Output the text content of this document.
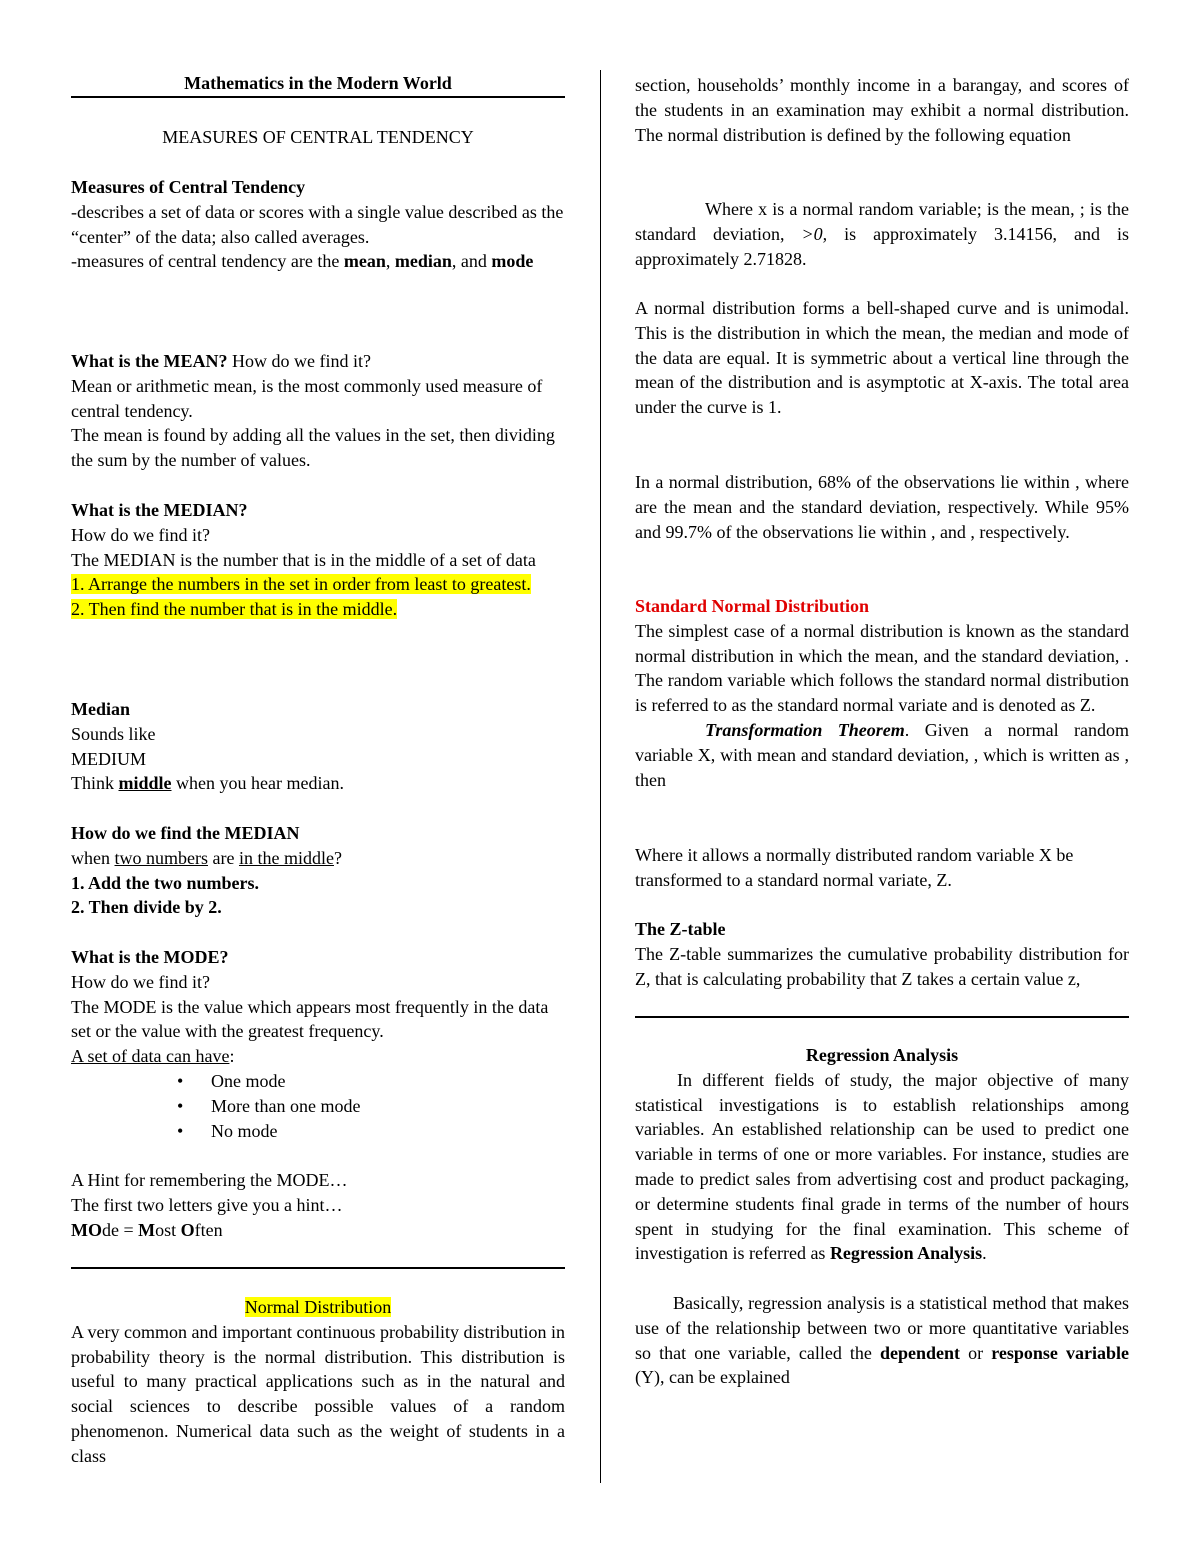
Mathematics in the Modern World
MEASURES OF CENTRAL TENDENCY

Measures of Central Tendency

-describes a set of data or scores with a single value described as the “center” of the data; also called averages.

-measures of central tendency are the mean, median, and mode

What is the MEAN? How do we find it?

Mean or arithmetic mean, is the most commonly used measure of central tendency.

The mean is found by adding all the values in the set, then dividing the sum by the number of values.

What is the MEDIAN?

How do we find it?

The MEDIAN is the number that is in the middle of a set of data

1. Arrange the numbers in the set in order from least to greatest.

2. Then find the number that is in the middle.

Median

Sounds like

MEDIUM

Think middle when you hear median.

How do we find the MEDIAN

when two numbers are in the middle?

1. Add the two numbers.

2. Then divide by 2.

What is the MODE?

How do we find it?

The MODE is the value which appears most frequently in the data set or the value with the greatest frequency.

A set of data can have:

• One mode
• More than one mode
• No mode

A Hint for remembering the MODE…

The first two letters give you a hint…

MOde = Most Often

Normal Distribution

A very common and important continuous probability distribution in probability theory is the normal distribution. This distribution is useful to many practical applications such as in the natural and social sciences to describe possible values of a random phenomenon. Numerical data such as the weight of students in a class

section, households’ monthly income in a barangay, and scores of the students in an examination may exhibit a normal distribution. The normal distribution is defined by the following equation

Where x is a normal random variable; is the mean, ; is the standard deviation, >0, is approximately 3.14156, and is approximately 2.71828.

A normal distribution forms a bell-shaped curve and is unimodal. This is the distribution in which the mean, the median and mode of the data are equal. It is symmetric about a vertical line through the mean of the distribution and is asymptotic at X-axis. The total area under the curve is 1.

In a normal distribution, 68% of the observations lie within , where are the mean and the standard deviation, respectively. While 95% and 99.7% of the observations lie within , and , respectively.

Standard Normal Distribution

The simplest case of a normal distribution is known as the standard normal distribution in which the mean, and the standard deviation, . The random variable which follows the standard normal distribution is referred to as the standard normal variate and is denoted as Z.

Transformation Theorem. Given a normal random variable X, with mean and standard deviation, , which is written as , then

Where it allows a normally distributed random variable X be transformed to a standard normal variate, Z.

The Z-table

The Z-table summarizes the cumulative probability distribution for Z, that is calculating probability that Z takes a certain value z,

Regression Analysis

In different fields of study, the major objective of many statistical investigations is to establish relationships among variables. An established relationship can be used to predict one variable in terms of one or more variables. For instance, studies are made to predict sales from advertising cost and product packaging, or determine students final grade in terms of the number of hours spent in studying for the final examination. This scheme of investigation is referred as Regression Analysis.

Basically, regression analysis is a statistical method that makes use of the relationship between two or more quantitative variables so that one variable, called the dependent or response variable (Y), can be explained
